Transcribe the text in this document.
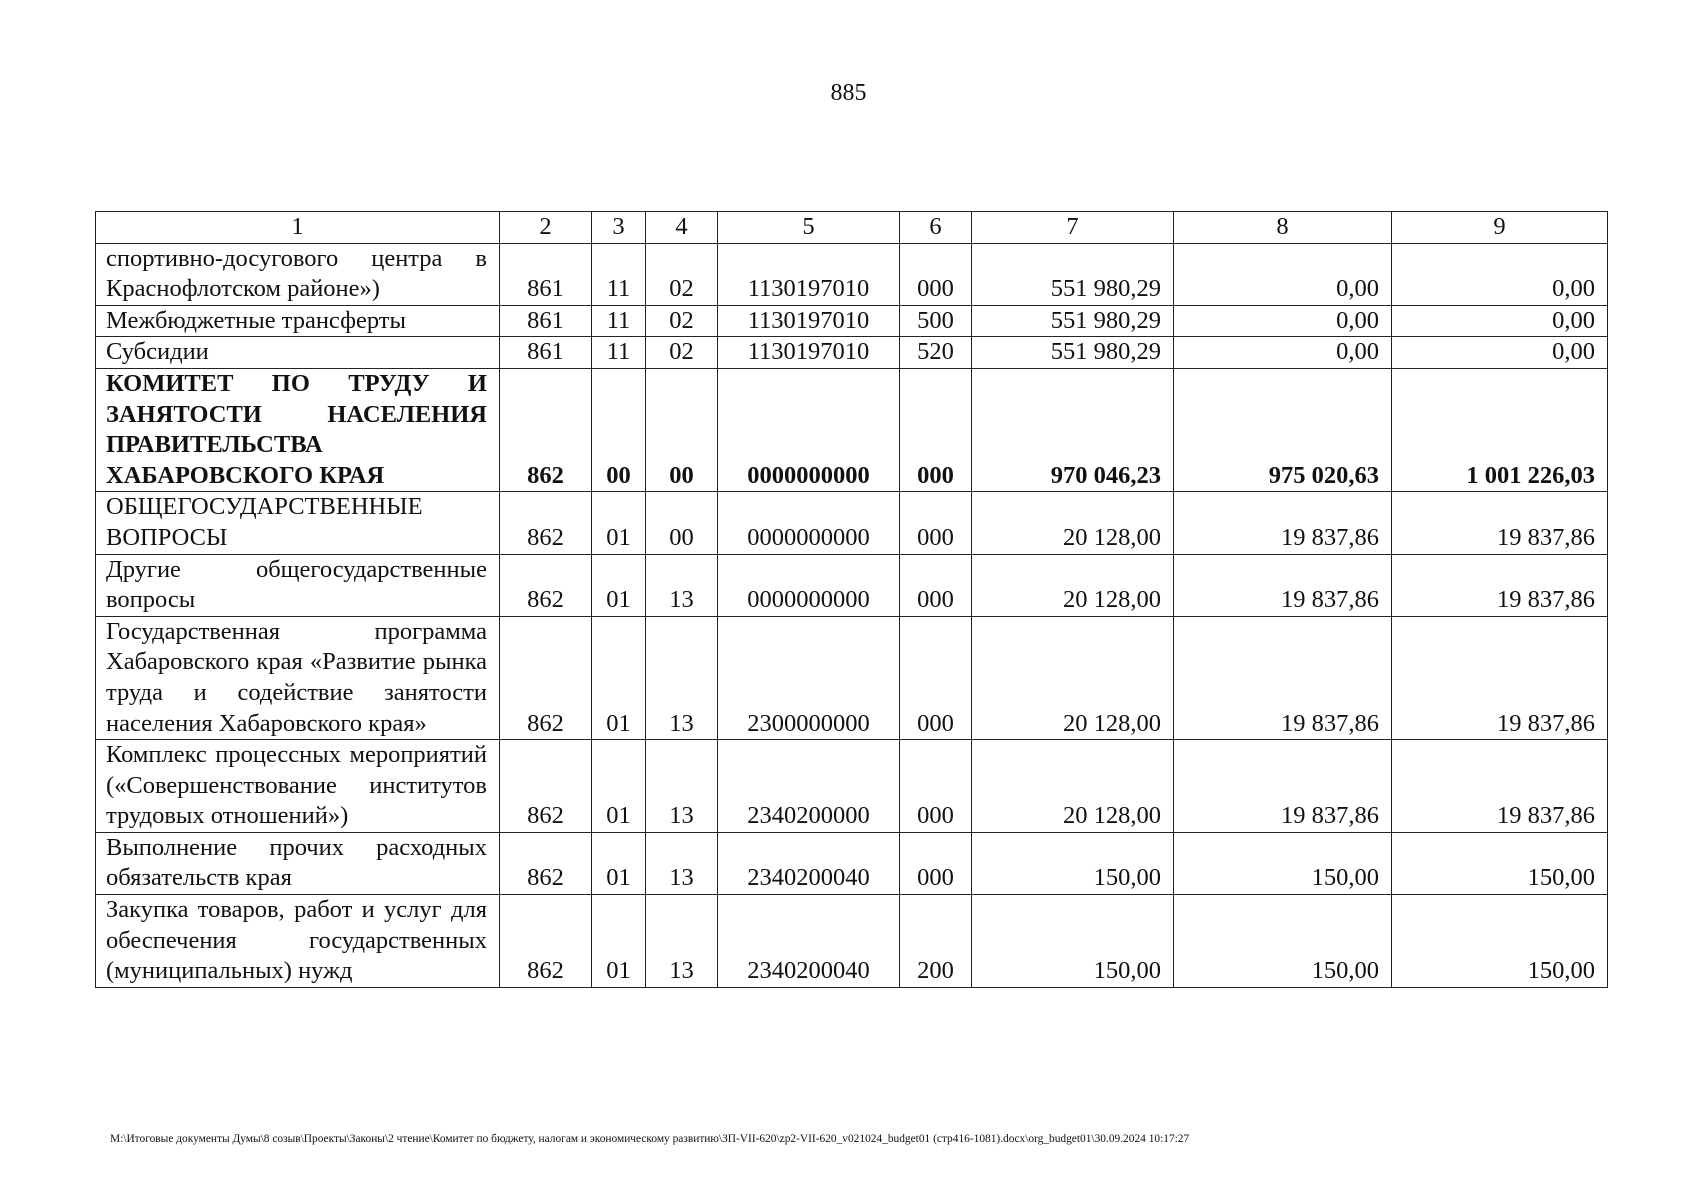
885
1	2	3	4	5	6	7	8	9
спортивно-досугового центра в Краснофлотском районе»)	861	11	02	1130197010	000	551 980,29	0,00	0,00
Межбюджетные трансферты	861	11	02	1130197010	500	551 980,29	0,00	0,00
Субсидии	861	11	02	1130197010	520	551 980,29	0,00	0,00
КОМИТЕТ ПО ТРУДУ И ЗАНЯТОСТИ НАСЕЛЕНИЯ ПРАВИТЕЛЬСТВА ХАБАРОВСКОГО КРАЯ	862	00	00	0000000000	000	970 046,23	975 020,63	1 001 226,03
ОБЩЕГОСУДАРСТВЕННЫЕ ВОПРОСЫ	862	01	00	0000000000	000	20 128,00	19 837,86	19 837,86
Другие общегосударственные вопросы	862	01	13	0000000000	000	20 128,00	19 837,86	19 837,86
Государственная программа Хабаровского края «Развитие рынка труда и содействие занятости населения Хабаровского края»	862	01	13	2300000000	000	20 128,00	19 837,86	19 837,86
Комплекс процессных мероприятий («Совершенствование институтов трудовых отношений»)	862	01	13	2340200000	000	20 128,00	19 837,86	19 837,86
Выполнение прочих расходных обязательств края	862	01	13	2340200040	000	150,00	150,00	150,00
Закупка товаров, работ и услуг для обеспечения государственных (муниципальных) нужд	862	01	13	2340200040	200	150,00	150,00	150,00
М:\Итоговые документы Думы\8 созыв\Проекты\Законы\2 чтение\Комитет по бюджету, налогам и экономическому развитию\ЗП-VII-620\zp2-VII-620_v021024_budget01 (стр416-1081).docx\org_budget01\30.09.2024 10:17:27
